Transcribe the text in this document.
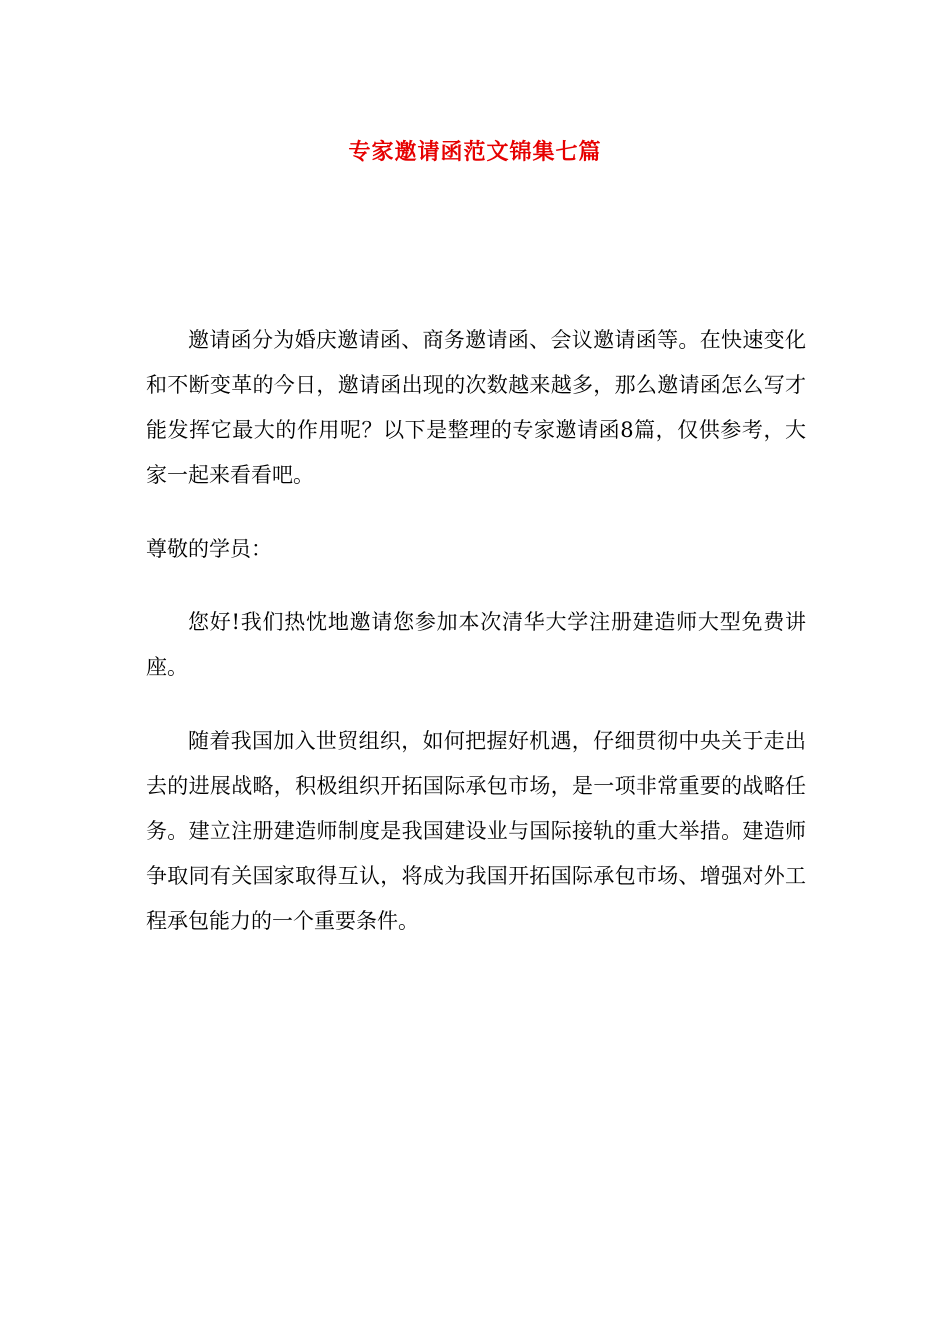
专家邀请函范文锦集七篇

邀请函分为婚庆邀请函、商务邀请函、会议邀请函等。在快速变化和不断变革的今日，邀请函出现的次数越来越多，那么邀请函怎么写才能发挥它最大的作用呢？以下是整理的专家邀请函8篇，仅供参考，大家一起来看看吧。

尊敬的学员：

您好!我们热忱地邀请您参加本次清华大学注册建造师大型免费讲座。

随着我国加入世贸组织，如何把握好机遇，仔细贯彻中央关于走出去的进展战略，积极组织开拓国际承包市场，是一项非常重要的战略任务。建立注册建造师制度是我国建设业与国际接轨的重大举措。建造师争取同有关国家取得互认，将成为我国开拓国际承包市场、增强对外工程承包能力的一个重要条件。
